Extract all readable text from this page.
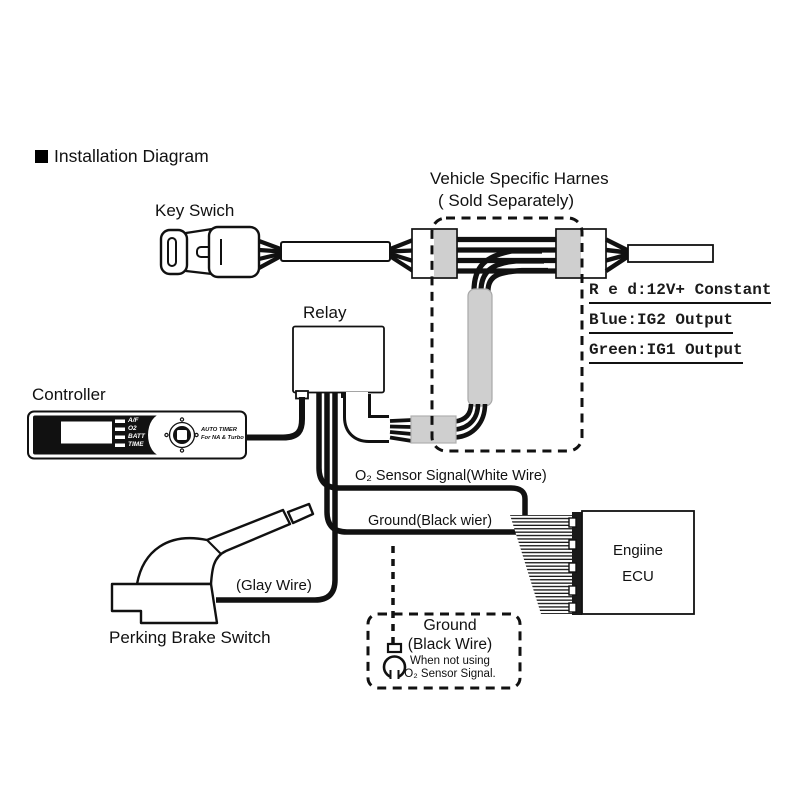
Installation Diagram
Key Swich
Vehicle Specific Harnes
( Sold Separately)
R e d:12V+ Constant
Blue:IG2 Output
Green:IG1 Output
Relay
Controller
A/F
O2
BATT
TIME
AUTO TIMER
For NA & Turbo
O₂ Sensor Signal(White Wire)
Ground(Black wier)
Engiine
ECU
(Glay Wire)
Perking Brake Switch
Ground
(Black Wire)
When not using
O₂ Sensor Signal.
